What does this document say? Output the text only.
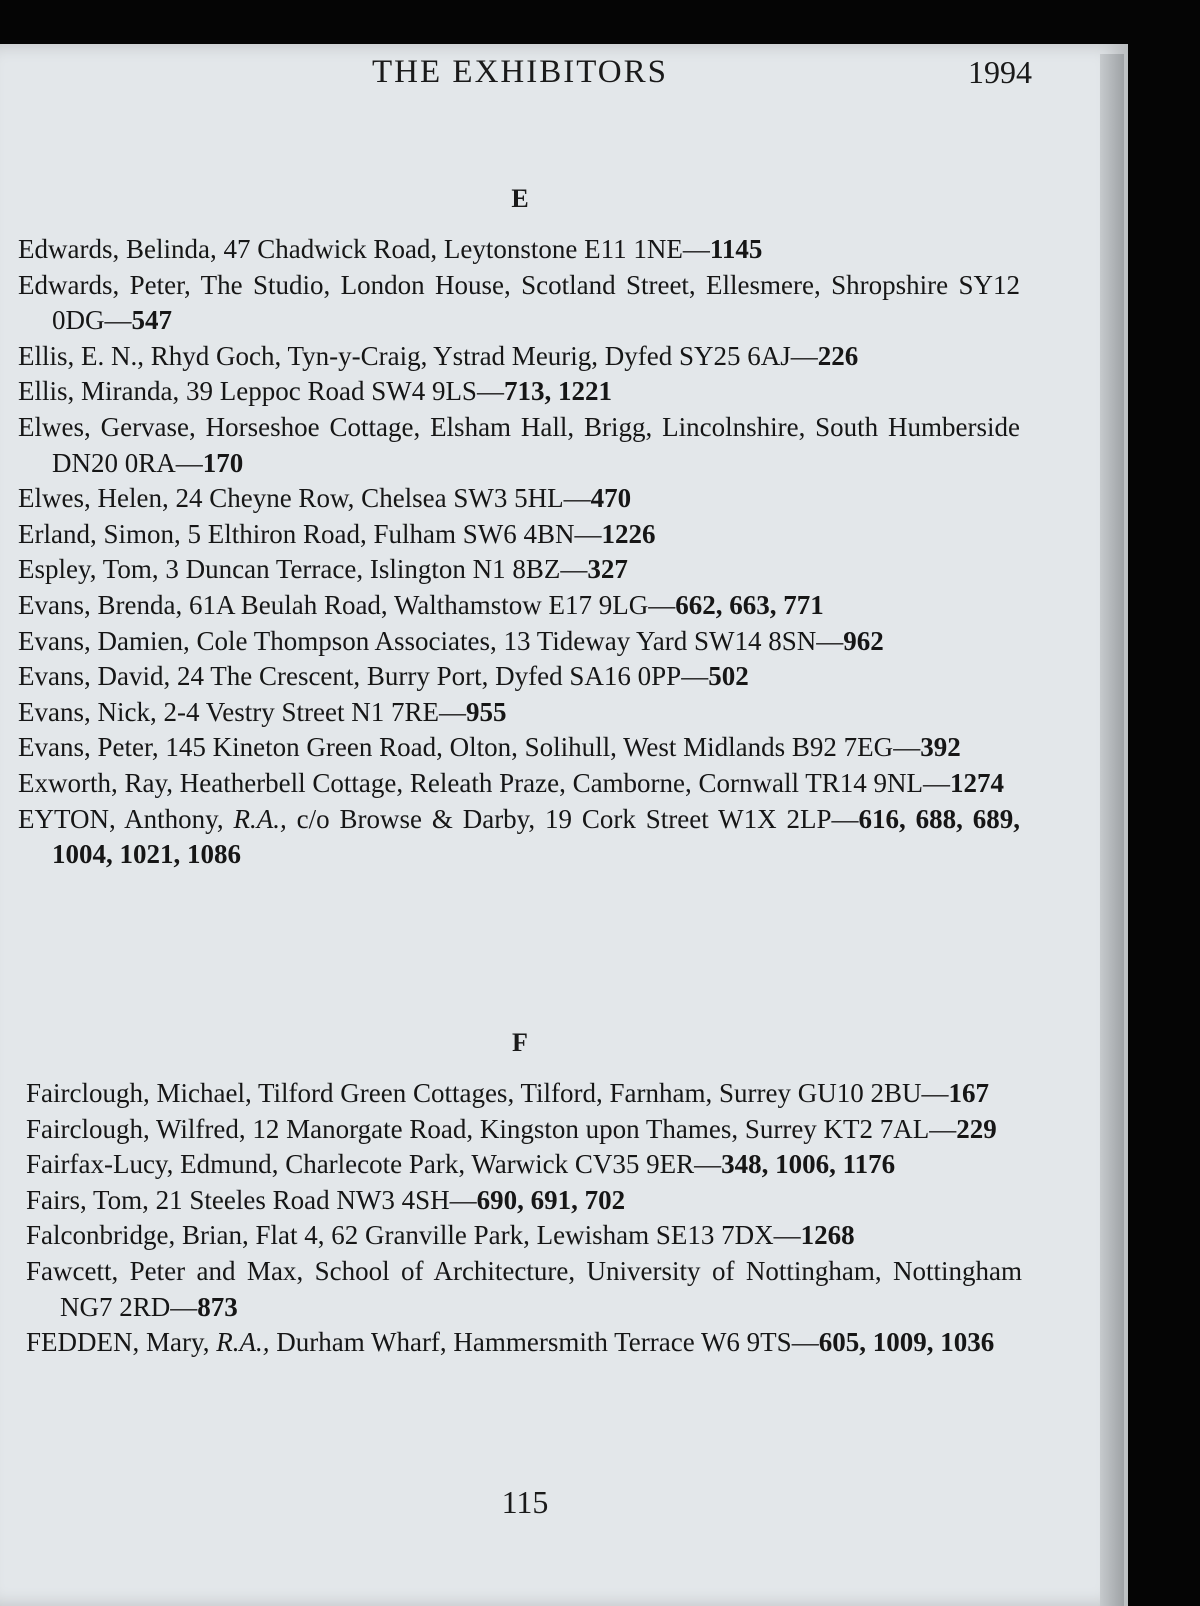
THE EXHIBITORS	1994
E
Edwards, Belinda, 47 Chadwick Road, Leytonstone E11 1NE—1145
Edwards, Peter, The Studio, London House, Scotland Street, Ellesmere, Shropshire SY12 0DG—547
Ellis, E. N., Rhyd Goch, Tyn-y-Craig, Ystrad Meurig, Dyfed SY25 6AJ—226
Ellis, Miranda, 39 Leppoc Road SW4 9LS—713, 1221
Elwes, Gervase, Horseshoe Cottage, Elsham Hall, Brigg, Lincolnshire, South Humberside DN20 0RA—170
Elwes, Helen, 24 Cheyne Row, Chelsea SW3 5HL—470
Erland, Simon, 5 Elthiron Road, Fulham SW6 4BN—1226
Espley, Tom, 3 Duncan Terrace, Islington N1 8BZ—327
Evans, Brenda, 61A Beulah Road, Walthamstow E17 9LG—662, 663, 771
Evans, Damien, Cole Thompson Associates, 13 Tideway Yard SW14 8SN—962
Evans, David, 24 The Crescent, Burry Port, Dyfed SA16 0PP—502
Evans, Nick, 2-4 Vestry Street N1 7RE—955
Evans, Peter, 145 Kineton Green Road, Olton, Solihull, West Midlands B92 7EG—392
Exworth, Ray, Heatherbell Cottage, Releath Praze, Camborne, Cornwall TR14 9NL—1274
EYTON, Anthony, R.A., c/o Browse & Darby, 19 Cork Street W1X 2LP—616, 688, 689, 1004, 1021, 1086
F
Fairclough, Michael, Tilford Green Cottages, Tilford, Farnham, Surrey GU10 2BU—167
Fairclough, Wilfred, 12 Manorgate Road, Kingston upon Thames, Surrey KT2 7AL—229
Fairfax-Lucy, Edmund, Charlecote Park, Warwick CV35 9ER—348, 1006, 1176
Fairs, Tom, 21 Steeles Road NW3 4SH—690, 691, 702
Falconbridge, Brian, Flat 4, 62 Granville Park, Lewisham SE13 7DX—1268
Fawcett, Peter and Max, School of Architecture, University of Nottingham, Nottingham NG7 2RD—873
FEDDEN, Mary, R.A., Durham Wharf, Hammersmith Terrace W6 9TS—605, 1009, 1036
115
